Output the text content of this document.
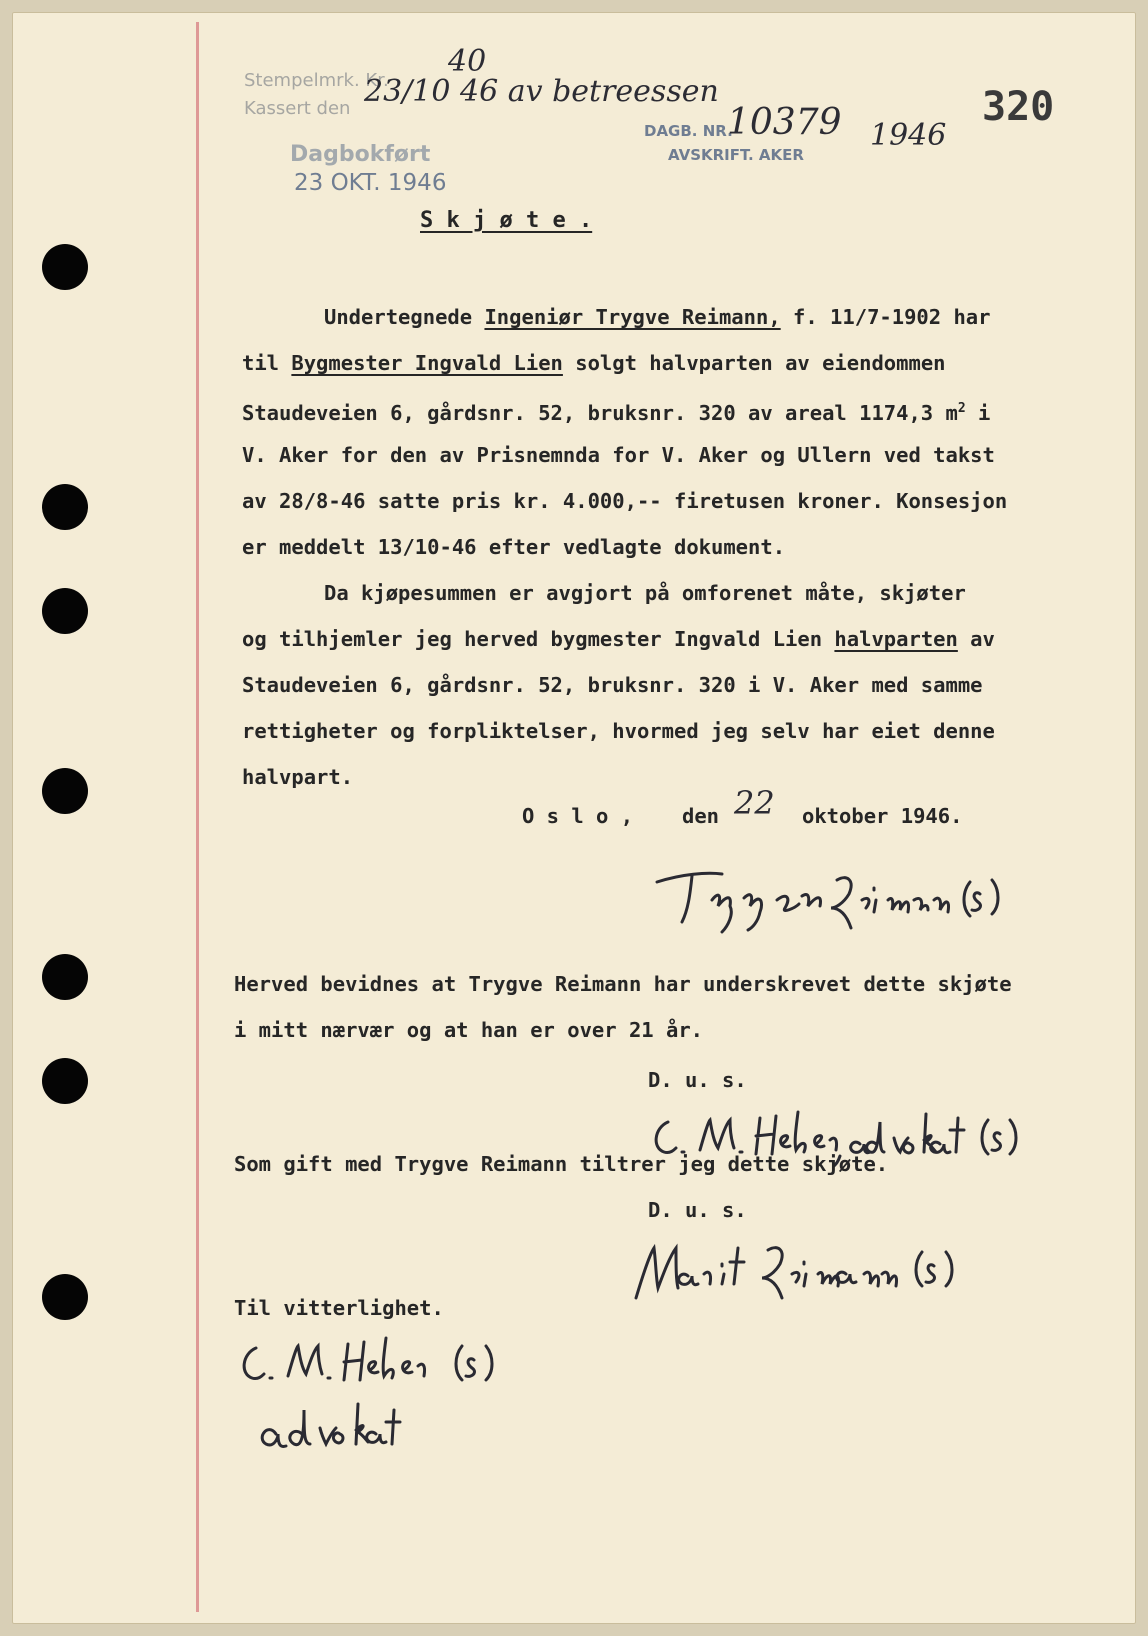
Stempelmrk. Kr.
40
Kassert den 23/10 46 av betreessen
Dagbokført
23 OKT. 1946
DAGB. NR.
10379 1946
AVSKRIFT. AKER
320
S k j ø t e .
Undertegnede Ingeniør Trygve Reimann, f. 11/7-1902 har
til Bygmester Ingvald Lien solgt halvparten av eiendommen
Staudeveien 6, gårdsnr. 52, bruksnr. 320 av areal 1174,3 $m^2$ i
V. Aker for den av Prisnemnda for V. Aker og Ullern ved takst
av 28/8-46 satte pris kr. 4.000,-- firetusen kroner. Konsesjon
er meddelt 13/10-46 efter vedlagte dokument.
Da kjøpesummen er avgjort på omforenet måte, skjøter
og tilhjemler jeg herved bygmester Ingvald Lien halvparten av
Staudeveien 6, gårdsnr. 52, bruksnr. 320 i V. Aker med samme
rettigheter og forpliktelser, hvormed jeg selv har eiet denne
halvpart.
O s l o , den 22 oktober 1946.
Herved bevidnes at Trygve Reimann har underskrevet dette skjøte
i mitt nærvær og at han er over 21 år.
D. u. s.
Som gift med Trygve Reimann tiltrer jeg dette skjøte.
D. u. s.
Til vitterlighet.
